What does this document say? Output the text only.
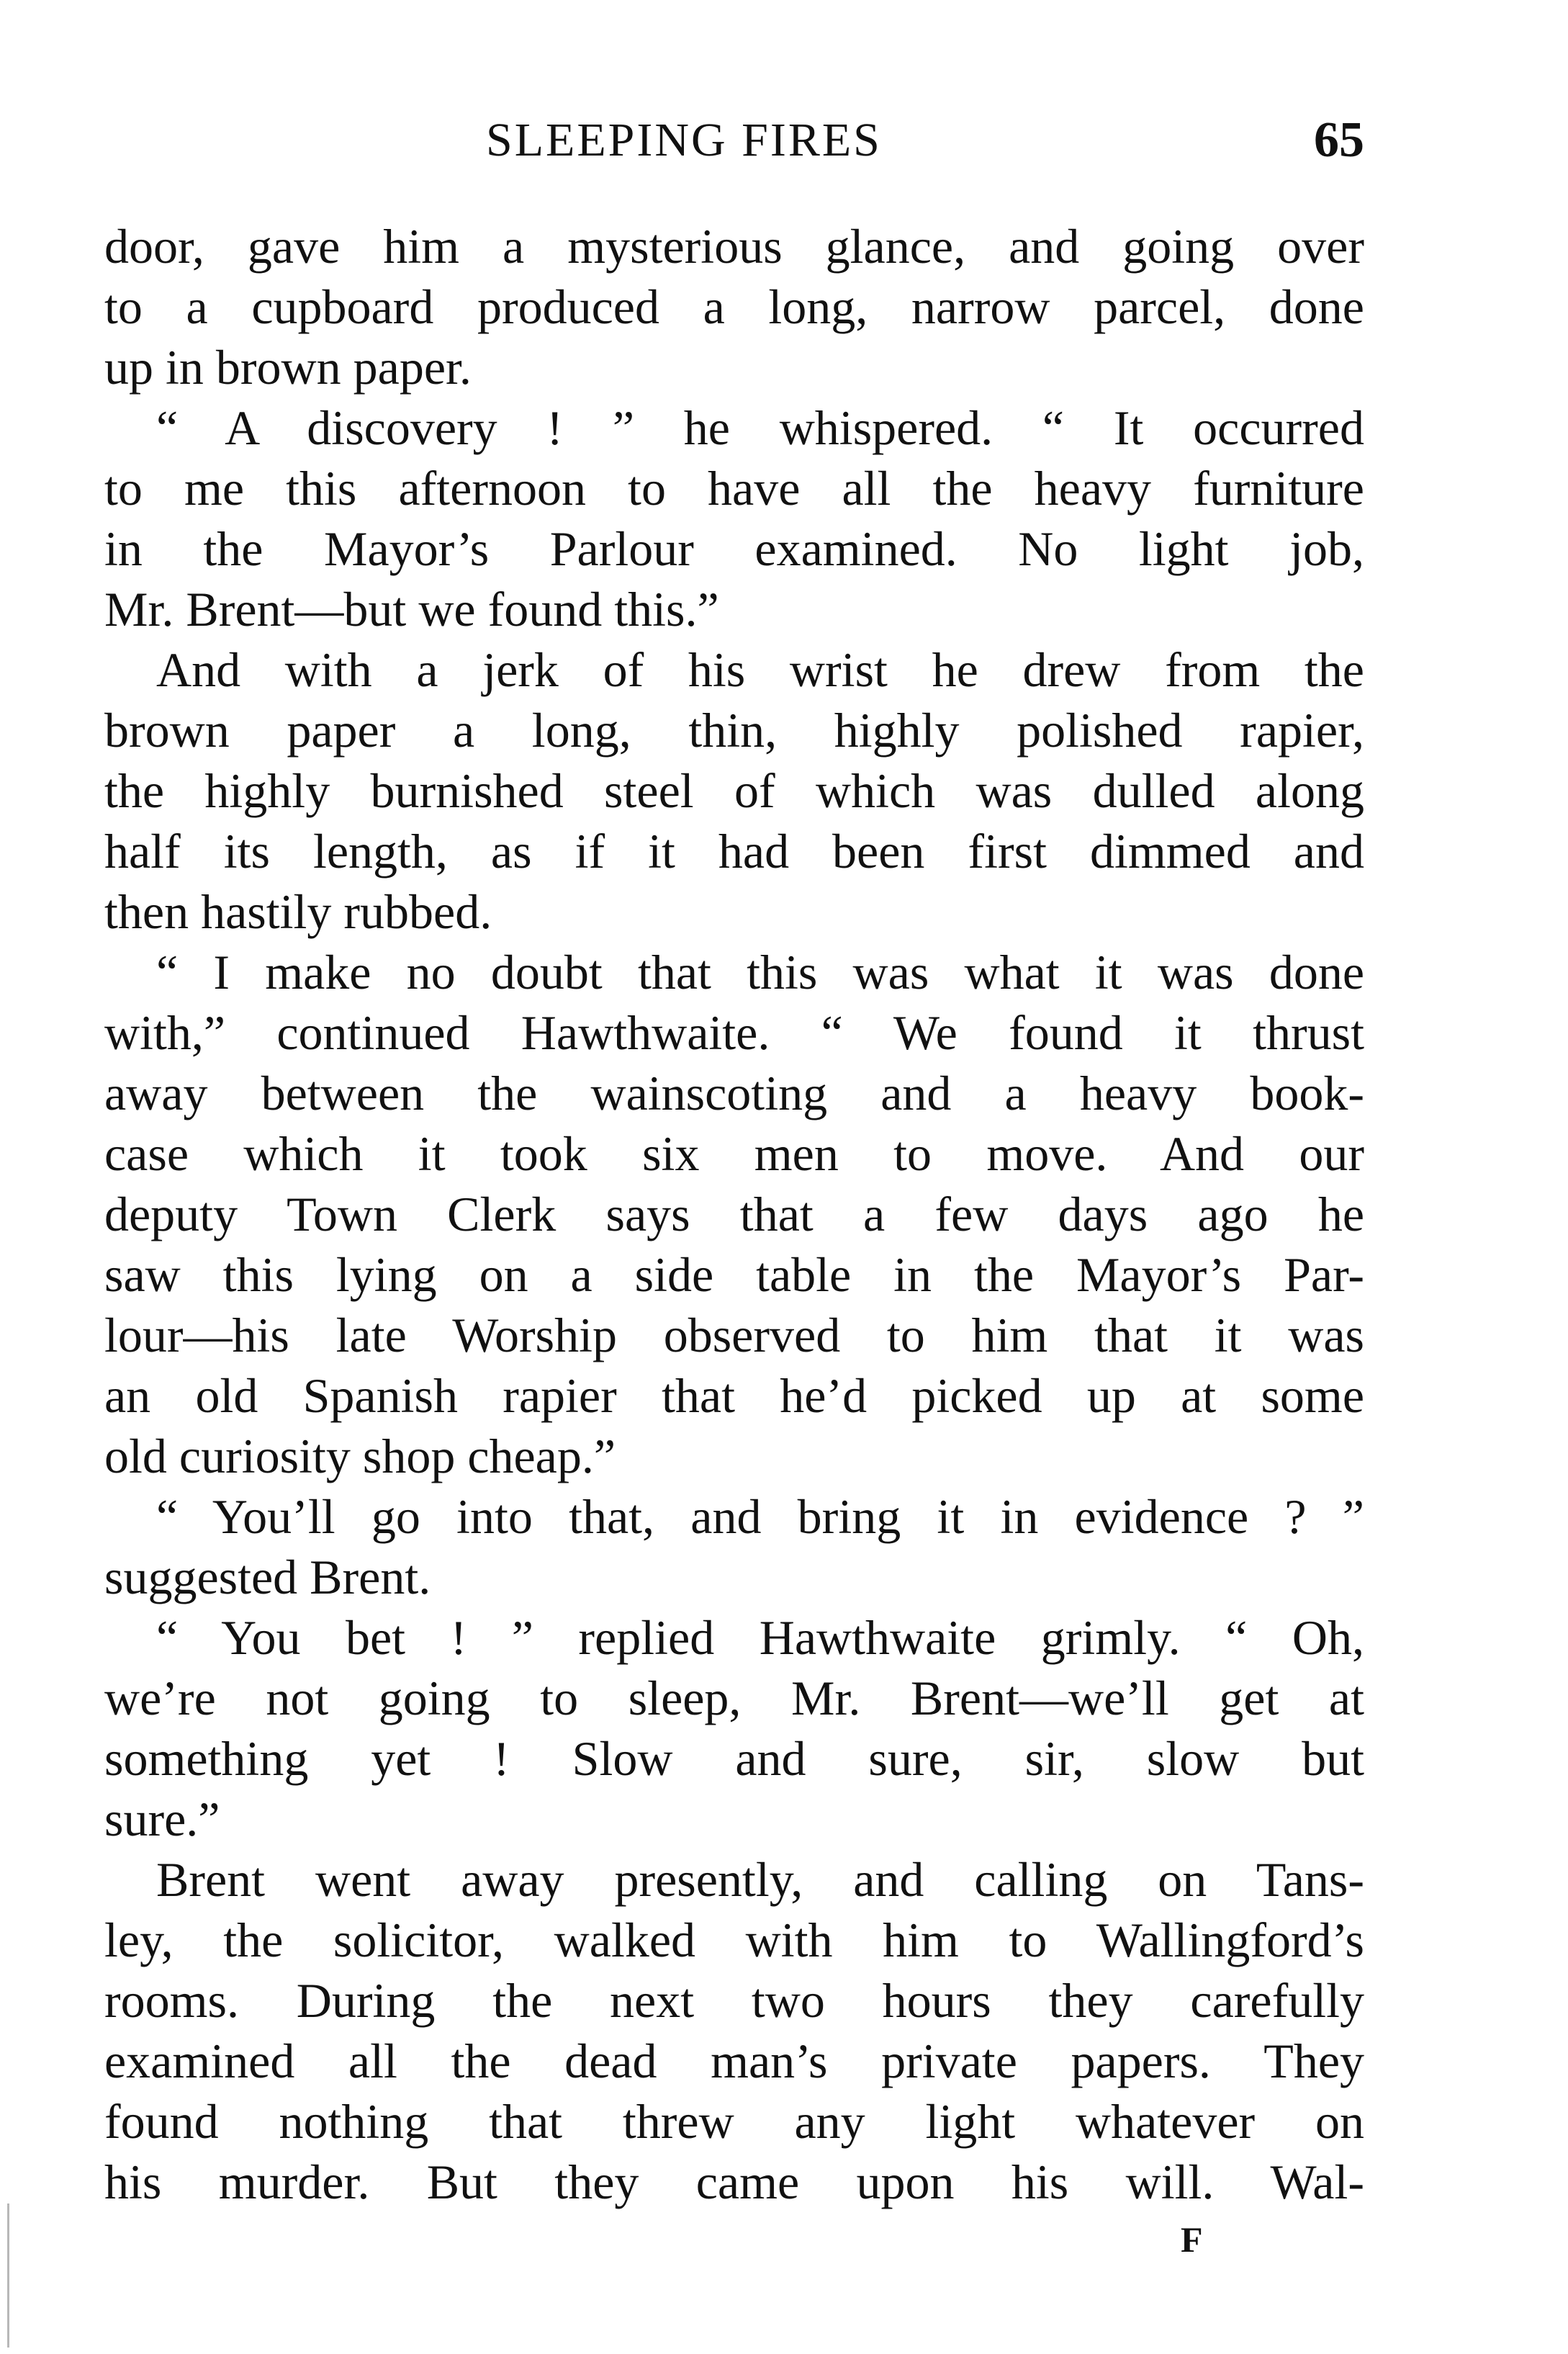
SLEEPING FIRES	65
door, gave him a mysterious glance, and going over
to a cupboard produced a long, narrow parcel, done
up in brown paper.
“ A discovery ! ” he whispered. “ It occurred
to me this afternoon to have all the heavy furniture
in the Mayor’s Parlour examined. No light job,
Mr. Brent—but we found this.”
And with a jerk of his wrist he drew from the
brown paper a long, thin, highly polished rapier,
the highly burnished steel of which was dulled along
half its length, as if it had been first dimmed and
then hastily rubbed.
“ I make no doubt that this was what it was done
with,” continued Hawthwaite. “ We found it thrust
away between the wainscoting and a heavy book-
case which it took six men to move. And our
deputy Town Clerk says that a few days ago he
saw this lying on a side table in the Mayor’s Par-
lour—his late Worship observed to him that it was
an old Spanish rapier that he’d picked up at some
old curiosity shop cheap.”
“ You’ll go into that, and bring it in evidence ? ”
suggested Brent.
“ You bet ! ” replied Hawthwaite grimly. “ Oh,
we’re not going to sleep, Mr. Brent—we’ll get at
something yet ! Slow and sure, sir, slow but
sure.”
Brent went away presently, and calling on Tans-
ley, the solicitor, walked with him to Wallingford’s
rooms. During the next two hours they carefully
examined all the dead man’s private papers. They
found nothing that threw any light whatever on
his murder. But they came upon his will. Wal-
F
